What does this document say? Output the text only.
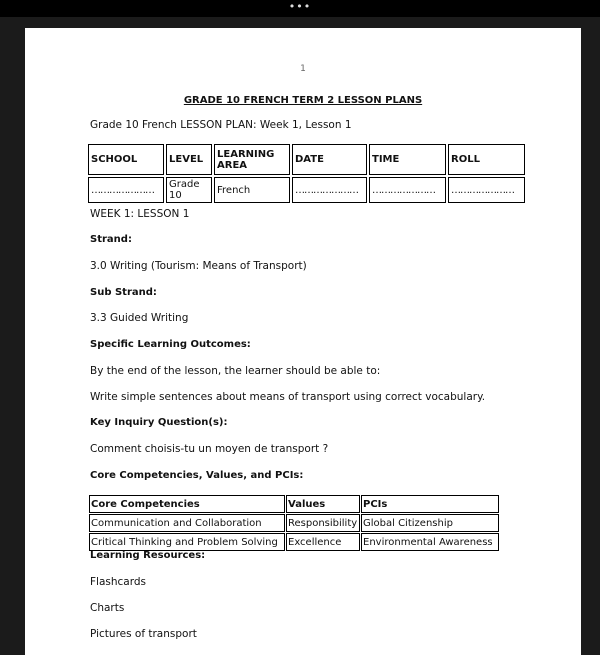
•••
1
GRADE 10 FRENCH TERM 2 LESSON PLANS
Grade 10 French LESSON PLAN: Week 1, Lesson 1
SCHOOL	LEVEL	LEARNING AREA	DATE	TIME	ROLL
…………………	Grade 10	French	…………………	…………………	…………………
WEEK 1: LESSON 1
Strand:
3.0 Writing (Tourism: Means of Transport)
Sub Strand:
3.3 Guided Writing
Specific Learning Outcomes:
By the end of the lesson, the learner should be able to:
Write simple sentences about means of transport using correct vocabulary.
Key Inquiry Question(s):
Comment choisis-tu un moyen de transport ?
Core Competencies, Values, and PCIs:
Core Competencies	Values	PCIs
Communication and Collaboration	Responsibility	Global Citizenship
Critical Thinking and Problem Solving	Excellence	Environmental Awareness
Learning Resources:
Flashcards
Charts
Pictures of transport
